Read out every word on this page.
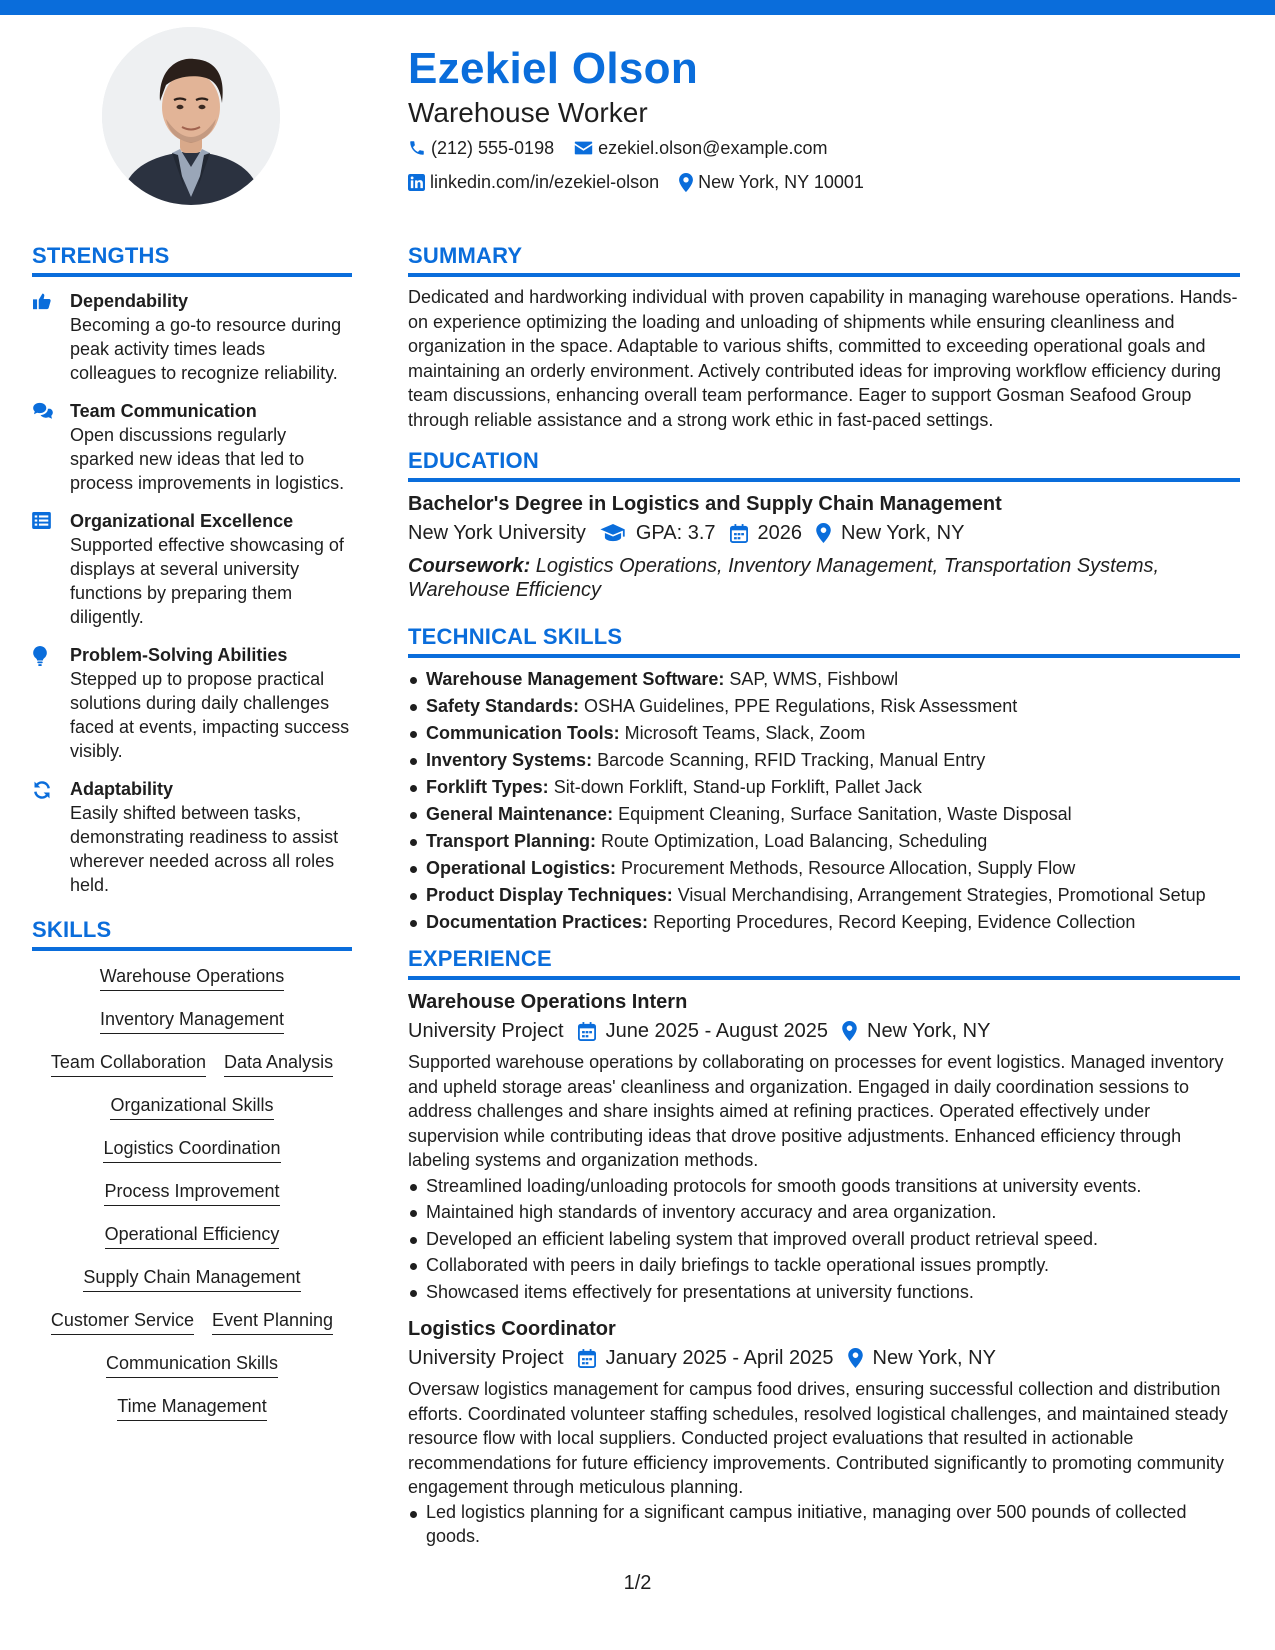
Ezekiel Olson
Warehouse Worker
(212) 555-0198 ezekiel.olson@example.com
linkedin.com/in/ezekiel-olson New York, NY 10001
STRENGTHS
Dependability
Becoming a go-to resource during peak activity times leads colleagues to recognize reliability.
Team Communication
Open discussions regularly sparked new ideas that led to process improvements in logistics.
Organizational Excellence
Supported effective showcasing of displays at several university functions by preparing them diligently.
Problem-Solving Abilities
Stepped up to propose practical solutions during daily challenges faced at events, impacting success visibly.
Adaptability
Easily shifted between tasks, demonstrating readiness to assist wherever needed across all roles held.
SKILLS
Warehouse Operations
Inventory Management
Team Collaboration Data Analysis
Organizational Skills
Logistics Coordination
Process Improvement
Operational Efficiency
Supply Chain Management
Customer Service Event Planning
Communication Skills
Time Management
SUMMARY
Dedicated and hardworking individual with proven capability in managing warehouse operations. Hands-on experience optimizing the loading and unloading of shipments while ensuring cleanliness and organization in the space. Adaptable to various shifts, committed to exceeding operational goals and maintaining an orderly environment. Actively contributed ideas for improving workflow efficiency during team discussions, enhancing overall team performance. Eager to support Gosman Seafood Group through reliable assistance and a strong work ethic in fast-paced settings.
EDUCATION
Bachelor's Degree in Logistics and Supply Chain Management
New York University	GPA: 3.7 2026 New York, NY
Coursework: Logistics Operations, Inventory Management, Transportation Systems, Warehouse Efficiency
TECHNICAL SKILLS
Warehouse Management Software: SAP, WMS, Fishbowl
Safety Standards: OSHA Guidelines, PPE Regulations, Risk Assessment
Communication Tools: Microsoft Teams, Slack, Zoom
Inventory Systems: Barcode Scanning, RFID Tracking, Manual Entry
Forklift Types: Sit-down Forklift, Stand-up Forklift, Pallet Jack
General Maintenance: Equipment Cleaning, Surface Sanitation, Waste Disposal
Transport Planning: Route Optimization, Load Balancing, Scheduling
Operational Logistics: Procurement Methods, Resource Allocation, Supply Flow
Product Display Techniques: Visual Merchandising, Arrangement Strategies, Promotional Setup
Documentation Practices: Reporting Procedures, Record Keeping, Evidence Collection
EXPERIENCE
Warehouse Operations Intern
University Project June 2025 - August 2025 New York, NY
Supported warehouse operations by collaborating on processes for event logistics. Managed inventory and upheld storage areas' cleanliness and organization. Engaged in daily coordination sessions to address challenges and share insights aimed at refining practices. Operated effectively under supervision while contributing ideas that drove positive adjustments. Enhanced efficiency through labeling systems and organization methods.
Streamlined loading/unloading protocols for smooth goods transitions at university events.
Maintained high standards of inventory accuracy and area organization.
Developed an efficient labeling system that improved overall product retrieval speed.
Collaborated with peers in daily briefings to tackle operational issues promptly.
Showcased items effectively for presentations at university functions.
Logistics Coordinator
University Project January 2025 - April 2025 New York, NY
Oversaw logistics management for campus food drives, ensuring successful collection and distribution efforts. Coordinated volunteer staffing schedules, resolved logistical challenges, and maintained steady resource flow with local suppliers. Conducted project evaluations that resulted in actionable recommendations for future efficiency improvements. Contributed significantly to promoting community engagement through meticulous planning.
Led logistics planning for a significant campus initiative, managing over 500 pounds of collected goods.
1/2
